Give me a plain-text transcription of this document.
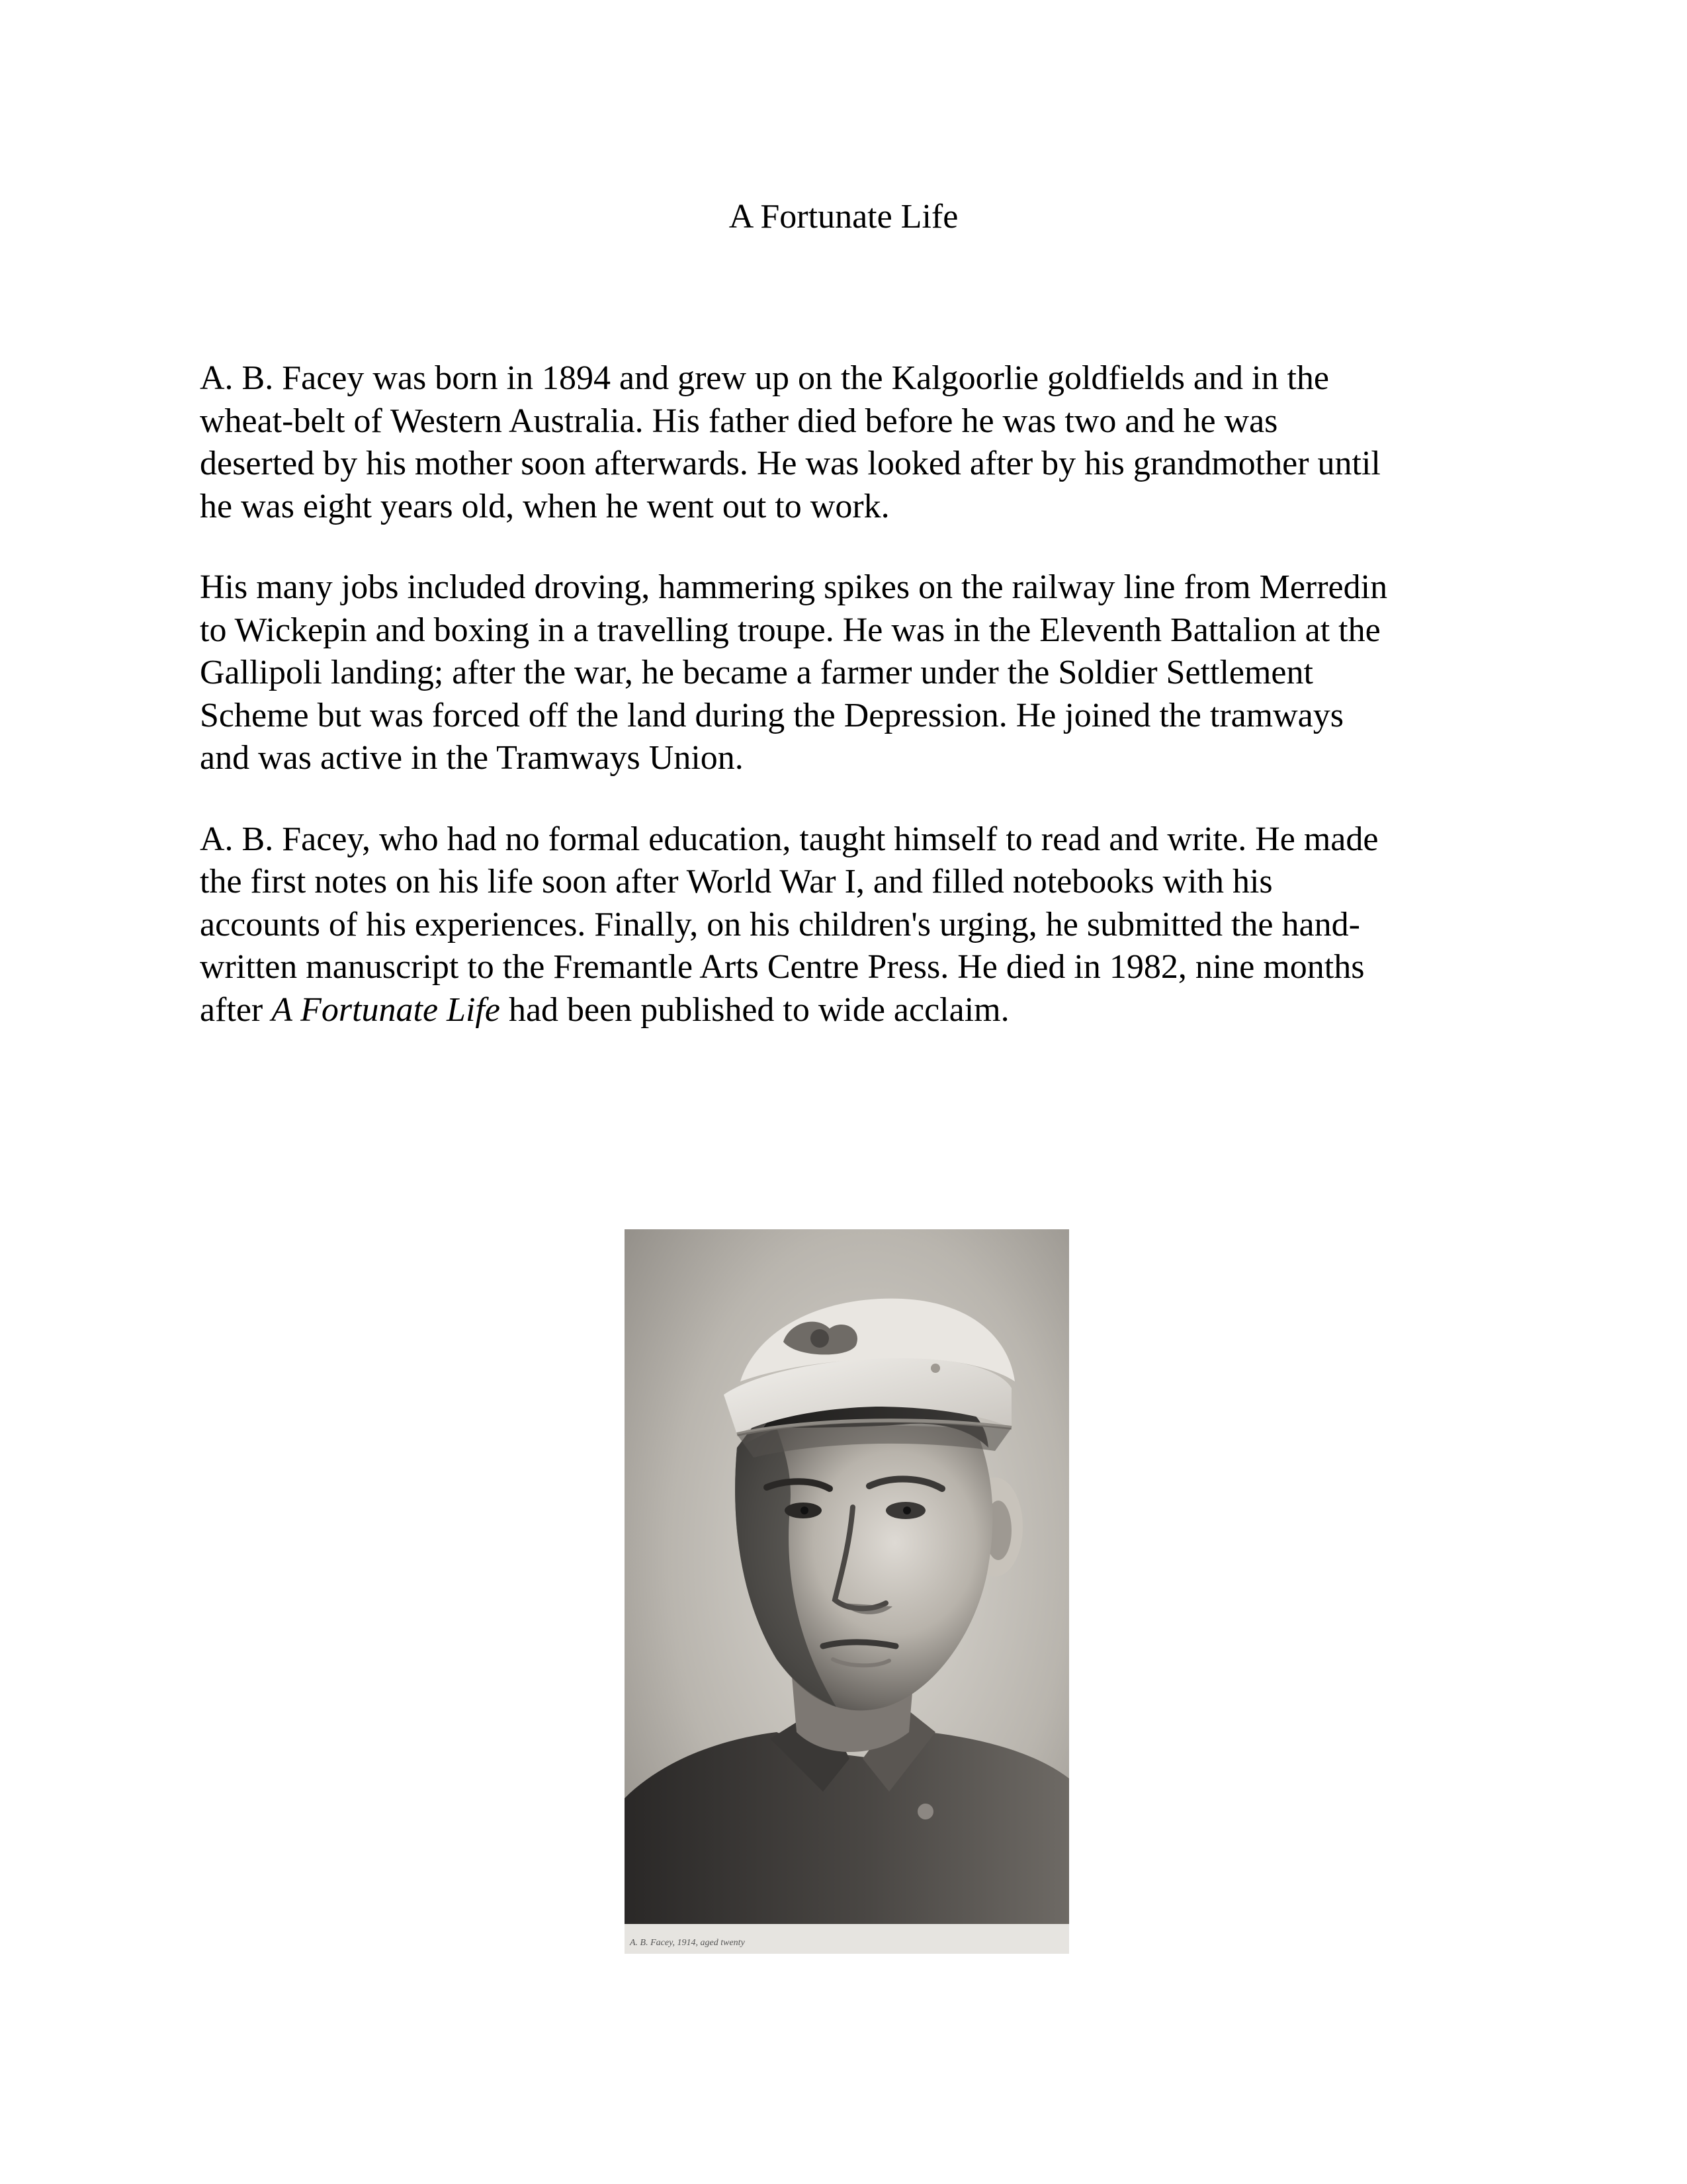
A Fortunate Life

A. B. Facey was born in 1894 and grew up on the Kalgoorlie goldfields and in the
wheat-belt of Western Australia. His father died before he was two and he was
deserted by his mother soon afterwards. He was looked after by his grandmother until
he was eight years old, when he went out to work.

His many jobs included droving, hammering spikes on the railway line from Merredin
to Wickepin and boxing in a travelling troupe. He was in the Eleventh Battalion at the
Gallipoli landing; after the war, he became a farmer under the Soldier Settlement
Scheme but was forced off the land during the Depression. He joined the tramways
and was active in the Tramways Union.

A. B. Facey, who had no formal education, taught himself to read and write. He made
the first notes on his life soon after World War I, and filled notebooks with his
accounts of his experiences. Finally, on his children's urging, he submitted the hand-
written manuscript to the Fremantle Arts Centre Press. He died in 1982, nine months
after A Fortunate Life had been published to wide acclaim.

A. B. Facey, 1914, aged twenty
